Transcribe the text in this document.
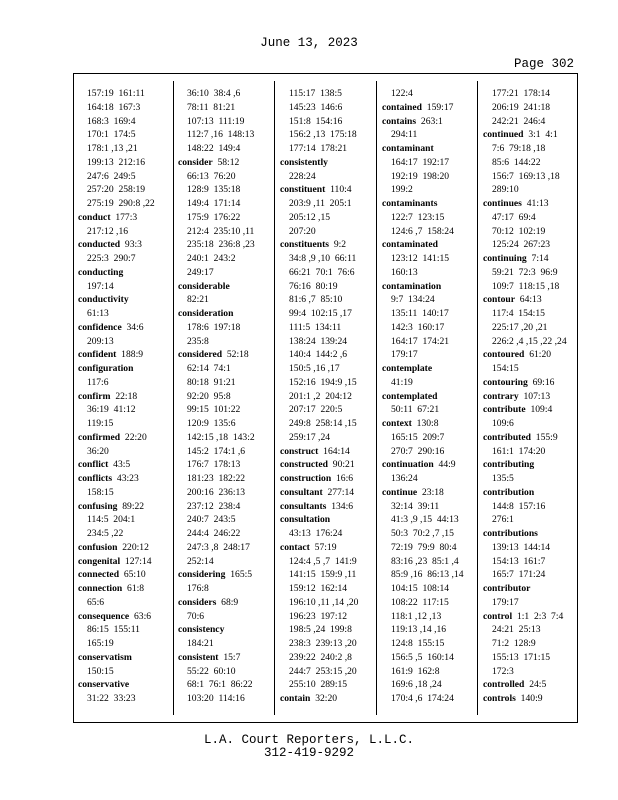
June 13, 2023
Page 302
157:19  161:11
164:18  167:3
168:3  169:4
170:1  174:5
178:1 ,13 ,21
199:13  212:16
247:6  249:5
257:20  258:19
275:19  290:8 ,22
conduct  177:3
217:12 ,16
conducted  93:3
225:3  290:7
conducting
197:14
conductivity
61:13
confidence  34:6
209:13
confident  188:9
configuration
117:6
confirm  22:18
36:19  41:12
119:15
confirmed  22:20
36:20
conflict  43:5
conflicts  43:23
158:15
confusing  89:22
114:5  204:1
234:5 ,22
confusion  220:12
congenital  127:14
connected  65:10
connection  61:8
65:6
consequence  63:6
86:15  155:11
165:19
conservatism
150:15
conservative
31:22  33:23
36:10  38:4 ,6
78:11  81:21
107:13  111:19
112:7 ,16  148:13
148:22  149:4
consider  58:12
66:13  76:20
128:9  135:18
149:4  171:14
175:9  176:22
212:4  235:10 ,11
235:18  236:8 ,23
240:1  243:2
249:17
considerable
82:21
consideration
178:6  197:18
235:8
considered  52:18
62:14  74:1
80:18  91:21
92:20  95:8
99:15  101:22
120:9  135:6
142:15 ,18  143:2
145:2  174:1 ,6
176:7  178:13
181:23  182:22
200:16  236:13
237:12  238:4
240:7  243:5
244:4  246:22
247:3 ,8  248:17
252:14
considering  165:5
176:8
considers  68:9
70:6
consistency
184:21
consistent  15:7
55:22  60:10
68:1  76:1  86:22
103:20  114:16
115:17  138:5
145:23  146:6
151:8  154:16
156:2 ,13  175:18
177:14  178:21
consistently
228:24
constituent  110:4
203:9 ,11  205:1
205:12 ,15
207:20
constituents  9:2
34:8 ,9 ,10  66:11
66:21  70:1  76:6
76:16  80:19
81:6 ,7  85:10
99:4  102:15 ,17
111:5  134:11
138:24  139:24
140:4  144:2 ,6
150:5 ,16 ,17
152:16  194:9 ,15
201:1 ,2  204:12
207:17  220:5
249:8  258:14 ,15
259:17 ,24
construct  164:14
constructed  90:21
construction  16:6
consultant  277:14
consultants  134:6
consultation
43:13  176:24
contact  57:19
124:4 ,5 ,7  141:9
141:15  159:9 ,11
159:12  162:14
196:10 ,11 ,14 ,20
196:23  197:12
198:5 ,24  199:8
238:3  239:13 ,20
239:22  240:2 ,8
244:7  253:15 ,20
255:10  289:15
contain  32:20
122:4
contained  159:17
contains  263:1
294:11
contaminant
164:17  192:17
192:19  198:20
199:2
contaminants
122:7  123:15
124:6 ,7  158:24
contaminated
123:12  141:15
160:13
contamination
9:7  134:24
135:11  140:17
142:3  160:17
164:17  174:21
179:17
contemplate
41:19
contemplated
50:11  67:21
context  130:8
165:15  209:7
270:7  290:16
continuation  44:9
136:24
continue  23:18
32:14  39:11
41:3 ,9 ,15  44:13
50:3  70:2 ,7 ,15
72:19  79:9  80:4
83:16 ,23  85:1 ,4
85:9 ,16  86:13 ,14
104:15  108:14
108:22  117:15
118:1 ,12 ,13
119:13 ,14 ,16
124:8  155:15
156:5 ,5  160:14
161:9  162:8
169:6 ,18 ,24
170:4 ,6  174:24
177:21  178:14
206:19  241:18
242:21  246:4
continued  3:1  4:1
7:6  79:18 ,18
85:6  144:22
156:7  169:13 ,18
289:10
continues  41:13
47:17  69:4
70:12  102:19
125:24  267:23
continuing  7:14
59:21  72:3  96:9
109:7  118:15 ,18
contour  64:13
117:4  154:15
225:17 ,20 ,21
226:2 ,4 ,15 ,22 ,24
contoured  61:20
154:15
contouring  69:16
contrary  107:13
contribute  109:4
109:6
contributed  155:9
161:1  174:20
contributing
135:5
contribution
144:8  157:16
276:1
contributions
139:13  144:14
154:13  161:7
165:7  171:24
contributor
179:17
control  1:1  2:3  7:4
24:21  25:13
71:2  128:9
155:13  171:15
172:3
controlled  24:5
controls  140:9
L.A. Court Reporters, L.L.C.
312-419-9292
